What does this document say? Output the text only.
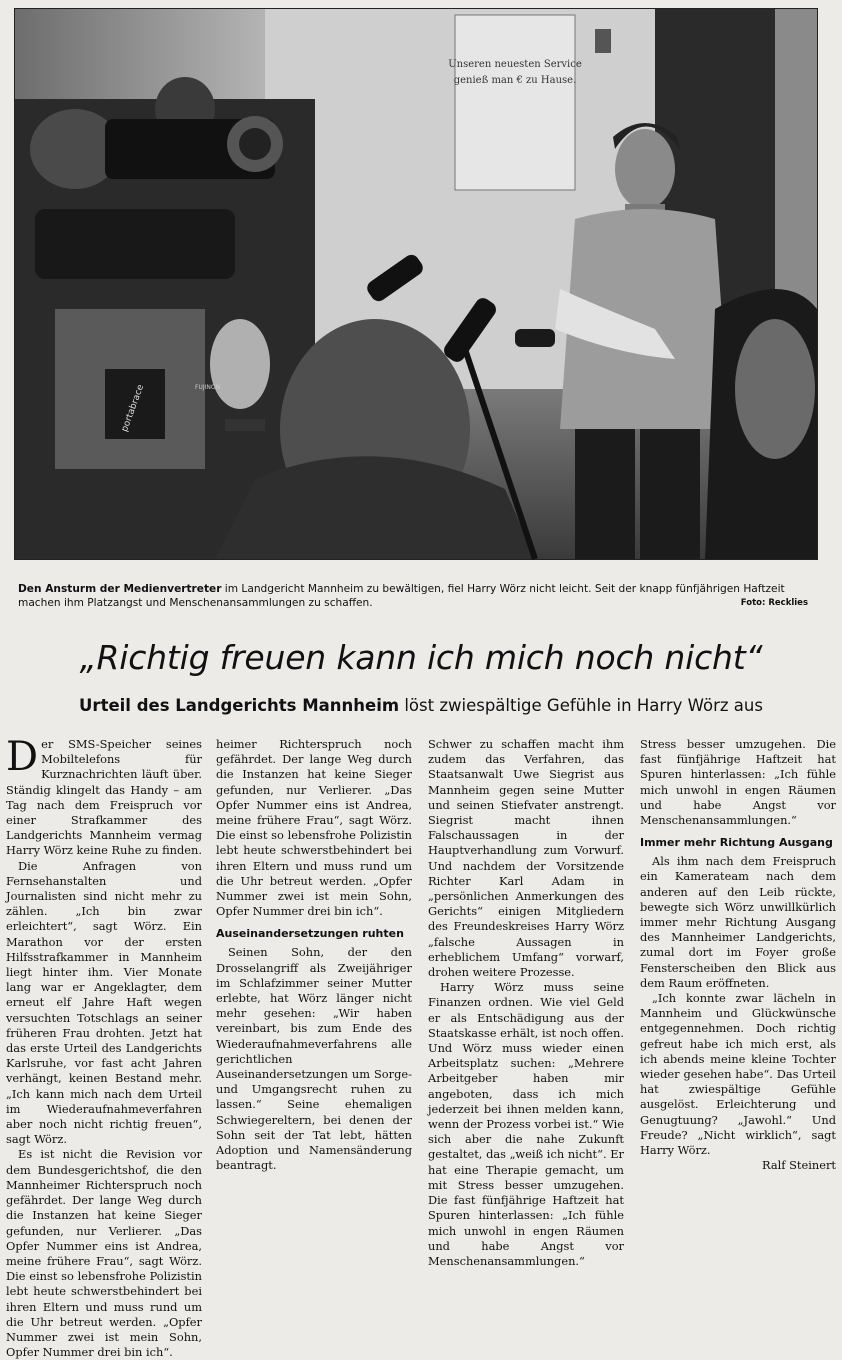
Unseren neuesten Service
genieß man € zu Hause.
portabrace	FUJINON
Den Ansturm der Medienvertreter im Landgericht Mannheim zu bewältigen, fiel Harry Wörz nicht leicht. Seit der knapp fünfjährigen Haftzeit machen ihm Platzangst und Menschenansammlungen zu schaffen.	Foto: Recklies
„Richtig freuen kann ich mich noch nicht“
Urteil des Landgerichts Mannheim löst zwiespältige Gefühle in Harry Wörz aus

Der SMS-Speicher seines Mobiltelefons für Kurznachrichten läuft über. Ständig klingelt das Handy – am Tag nach dem Freispruch vor einer Strafkammer des Landgerichts Mannheim vermag Harry Wörz keine Ruhe zu finden.

Die Anfragen von Fernsehanstalten und Journalisten sind nicht mehr zu zählen. „Ich bin zwar erleichtert“, sagt Wörz. Ein Marathon vor der ersten Hilfsstrafkammer in Mannheim liegt hinter ihm. Vier Monate lang war er Angeklagter, dem erneut elf Jahre Haft wegen versuchten Totschlags an seiner früheren Frau drohten. Jetzt hat das erste Urteil des Landgerichts Karlsruhe, vor fast acht Jahren verhängt, keinen Bestand mehr. „Ich kann mich nach dem Urteil im Wiederaufnahmeverfahren aber noch nicht richtig freuen“, sagt Wörz.

Es ist nicht die Revision vor dem Bundesgerichtshof, die den Mannheimer Richterspruch noch gefährdet. Der lange Weg durch die Instanzen hat keine Sieger gefunden, nur Verlierer. „Das Opfer Nummer eins ist Andrea, meine frühere Frau“, sagt Wörz. Die einst so lebensfrohe Polizistin lebt heute schwerstbehindert bei ihren Eltern und muss rund um die Uhr betreut werden. „Opfer Nummer zwei ist mein Sohn, Opfer Nummer drei bin ich“.

heimer Richterspruch noch gefährdet. Der lange Weg durch die Instanzen hat keine Sieger gefunden, nur Verlierer. „Das Opfer Nummer eins ist Andrea, meine frühere Frau“, sagt Wörz. Die einst so lebensfrohe Polizistin lebt heute schwerstbehindert bei ihren Eltern und muss rund um die Uhr betreut werden. „Opfer Nummer zwei ist mein Sohn, Opfer Nummer drei bin ich“.

Auseinandersetzungen ruhten

Seinen Sohn, der den Drosselangriff als Zweijähriger im Schlafzimmer seiner Mutter erlebte, hat Wörz länger nicht mehr gesehen: „Wir haben vereinbart, bis zum Ende des Wiederaufnahmeverfahrens alle gerichtlichen Auseinandersetzungen um Sorge- und Umgangsrecht ruhen zu lassen.“ Seine ehemaligen Schwiegereltern, bei denen der Sohn seit der Tat lebt, hätten Adoption und Namensänderung beantragt.

Schwer zu schaffen macht ihm zudem das Verfahren, das Staatsanwalt Uwe Siegrist aus Mannheim gegen seine Mutter und seinen Stiefvater anstrengt. Siegrist macht ihnen Falschaussagen in der Hauptverhandlung zum Vorwurf. Und nachdem der Vorsitzende Richter Karl Adam in „persönlichen Anmerkungen des Gerichts“ einigen Mitgliedern des Freundeskreises Harry Wörz „falsche Aussagen in erheblichem Umfang“ vorwarf, drohen weitere Prozesse.

Harry Wörz muss seine Finanzen ordnen. Wie viel Geld er als Entschädigung aus der Staatskasse erhält, ist noch offen. Und Wörz muss wieder einen Arbeitsplatz suchen: „Mehrere Arbeitgeber haben mir angeboten, dass ich mich jederzeit bei ihnen melden kann, wenn der Prozess vorbei ist.“ Wie sich aber die nahe Zukunft gestaltet, das „weiß ich nicht“. Er hat eine Therapie gemacht, um mit Stress besser umzugehen. Die fast fünfjährige Haftzeit hat Spuren hinterlassen: „Ich fühle mich unwohl in engen Räumen und habe Angst vor Menschenansammlungen.“

Stress besser umzugehen. Die fast fünfjährige Haftzeit hat Spuren hinterlassen: „Ich fühle mich unwohl in engen Räumen und habe Angst vor Menschenansammlungen.“

Immer mehr Richtung Ausgang

Als ihm nach dem Freispruch ein Kamerateam nach dem anderen auf den Leib rückte, bewegte sich Wörz unwillkürlich immer mehr Richtung Ausgang des Mannheimer Landgerichts, zumal dort im Foyer große Fensterscheiben den Blick aus dem Raum eröffneten.

„Ich konnte zwar lächeln in Mannheim und Glückwünsche entgegennehmen. Doch richtig gefreut habe ich mich erst, als ich abends meine kleine Tochter wieder gesehen habe“. Das Urteil hat zwiespältige Gefühle ausgelöst. Erleichterung und Genugtuung? „Jawohl.“ Und Freude? „Nicht wirklich“, sagt Harry Wörz.

Ralf Steinert
